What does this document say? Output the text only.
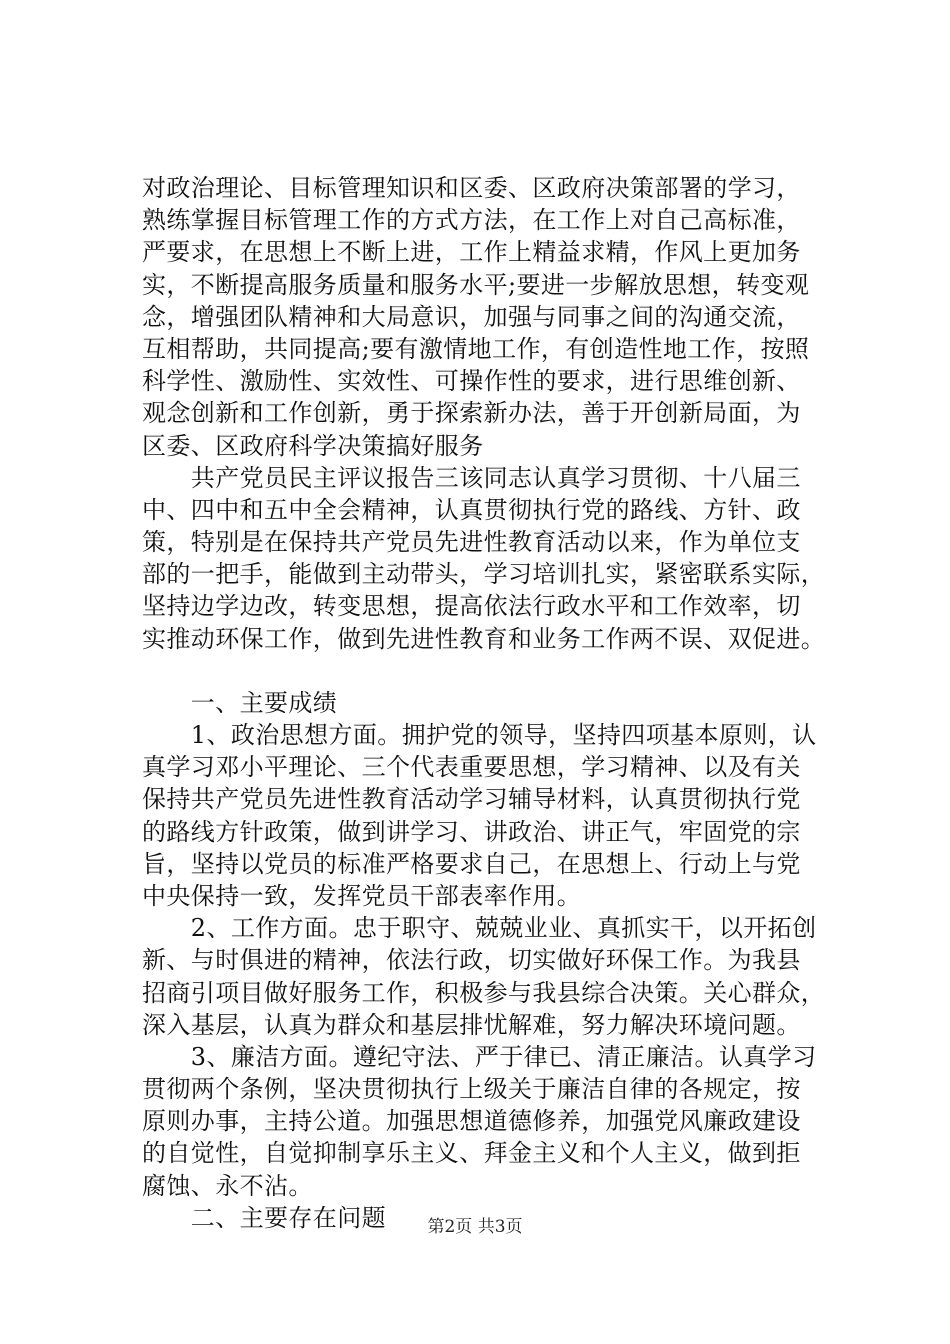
对政治理论、目标管理知识和区委、区政府决策部署的学习，
熟练掌握目标管理工作的方式方法，在工作上对自己高标准，
严要求，在思想上不断上进，工作上精益求精，作风上更加务
实，不断提高服务质量和服务水平;要进一步解放思想，转变观
念，增强团队精神和大局意识，加强与同事之间的沟通交流，
互相帮助，共同提高;要有激情地工作，有创造性地工作，按照
科学性、激励性、实效性、可操作性的要求，进行思维创新、
观念创新和工作创新，勇于探索新办法，善于开创新局面，为
区委、区政府科学决策搞好服务
　　共产党员民主评议报告三该同志认真学习贯彻、十八届三
中、四中和五中全会精神，认真贯彻执行党的路线、方针、政
策，特别是在保持共产党员先进性教育活动以来，作为单位支
部的一把手，能做到主动带头，学习培训扎实，紧密联系实际，
坚持边学边改，转变思想，提高依法行政水平和工作效率，切
实推动环保工作，做到先进性教育和业务工作两不误、双促进。
　　一、主要成绩
　　1、政治思想方面。拥护党的领导，坚持四项基本原则，认
真学习邓小平理论、三个代表重要思想，学习精神、以及有关
保持共产党员先进性教育活动学习辅导材料，认真贯彻执行党
的路线方针政策，做到讲学习、讲政治、讲正气，牢固党的宗
旨，坚持以党员的标准严格要求自己，在思想上、行动上与党
中央保持一致，发挥党员干部表率作用。
　　2、工作方面。忠于职守、兢兢业业、真抓实干，以开拓创
新、与时俱进的精神，依法行政，切实做好环保工作。为我县
招商引项目做好服务工作，积极参与我县综合决策。关心群众，
深入基层，认真为群众和基层排忧解难，努力解决环境问题。
　　3、廉洁方面。遵纪守法、严于律已、清正廉洁。认真学习
贯彻两个条例，坚决贯彻执行上级关于廉洁自律的各规定，按
原则办事，主持公道。加强思想道德修养，加强党风廉政建设
的自觉性，自觉抑制享乐主义、拜金主义和个人主义，做到拒
腐蚀、永不沾。
　　二、主要存在问题	第2页 共3页
